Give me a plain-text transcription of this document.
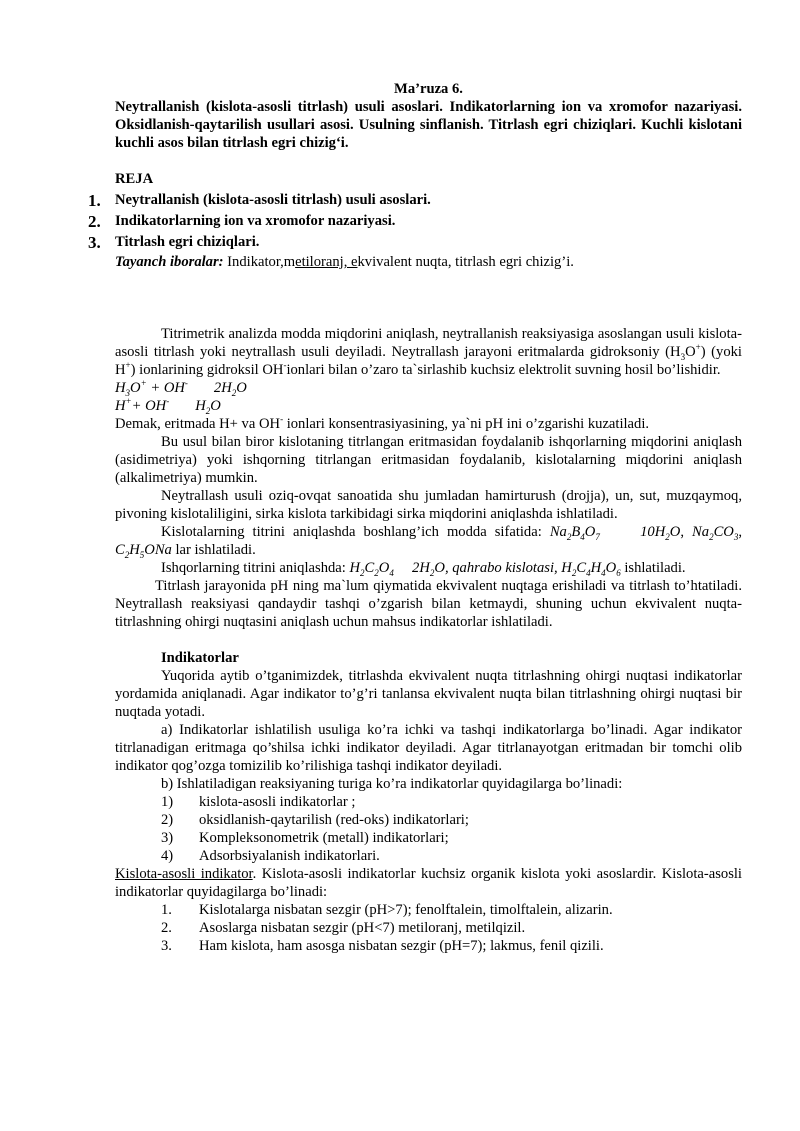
Ma’ruza 6.

Neytrallanish (kislota-asosli titrlash) usuli asoslari. Indikatorlarning ion va xromofor nazariyasi. Oksidlanish-qaytarilish usullari asosi. Usulning sinflanish. Titrlash egri chiziqlari. Kuchli kislotani kuchli asos bilan titrlash egri chizig‘i.

REJA

1. Neytrallanish (kislota-asosli titrlash) usuli asoslari.
2. Indikatorlarning ion va xromofor nazariyasi.
3. Titrlash egri chiziqlari.

Tayanch iboralar: Indikator,metiloranj, ekvivalent nuqta, titrlash egri chizig’i.

Titrimetrik analizda modda miqdorini aniqlash, neytrallanish reaksiyasiga asoslangan usuli kislota-asosli titrlash yoki neytrallash usuli deyiladi. Neytrallash jarayoni eritmalarda gidroksoniy $(H_3O^+)$ (yoki H+) ionlarining gidroksil OH-ionlari bilan o’zaro ta`sirlashib kuchsiz elektrolit suvning hosil bo’lishidir.

$H_3O^+ + OH^-$ $2H_2O$

H++ OH- $H_2O$

Demak, eritmada H+ va OH- ionlari konsentrasiyasining, ya`ni pH ini o’zgarishi kuzatiladi.

Bu usul bilan biror kislotaning titrlangan eritmasidan foydalanib ishqorlarning miqdorini aniqlash (asidimetriya) yoki ishqorning titrlangan eritmasidan foydalanib, kislotalarning miqdorini aniqlash (alkalimetriya) mumkin.

Neytrallash usuli oziq-ovqat sanoatida shu jumladan hamirturush (drojja), un, sut, muzqaymoq, pivoning kislotaliligini, sirka kislota tarkibidagi sirka miqdorini aniqlashda ishlatiladi.

Kislotalarning titrini aniqlashda boshlang’ich modda sifatida: $Na_2B_4O_7$     $10H_2O$, $Na_2CO_3$, $C_2H_5ONa$ lar ishlatiladi.

Ishqorlarning titrini aniqlashda: $H_2C_2O_4$     $2H_2O$, qahrabo kislotasi, $H_2C_4H_4O_6$ ishlatiladi.

Titrlash jarayonida pH ning ma`lum qiymatida ekvivalent nuqtaga erishiladi va titrlash to’htatiladi. Neytrallash reaksiyasi qandaydir tashqi o’zgarish bilan ketmaydi, shuning uchun ekvivalent nuqta- titrlashning ohirgi nuqtasini aniqlash uchun mahsus indikatorlar ishlatiladi.

Indikatorlar

Yuqorida aytib o’tganimizdek, titrlashda ekvivalent nuqta titrlashning ohirgi nuqtasi indikatorlar yordamida aniqlanadi. Agar indikator to’g’ri tanlansa ekvivalent nuqta bilan titrlashning ohirgi nuqtasi bir nuqtada yotadi.

a) Indikatorlar ishlatilish usuliga ko’ra ichki va tashqi indikatorlarga bo’linadi. Agar indikator titrlanadigan eritmaga qo’shilsa ichki indikator deyiladi. Agar titrlanayotgan eritmadan bir tomchi olib indikator qog’ozga tomizilib ko’rilishiga tashqi indikator deyiladi.

b) Ishlatiladigan reaksiyaning turiga ko’ra indikatorlar quyidagilarga bo’linadi:

1) kislota-asosli indikatorlar ;
2) oksidlanish-qaytarilish (red-oks) indikatorlari;
3) Kompleksonometrik (metall) indikatorlari;
4) Adsorbsiyalanish indikatorlari.

Kislota-asosli indikator. Kislota-asosli indikatorlar kuchsiz organik kislota yoki asoslardir. Kislota-asosli indikatorlar quyidagilarga bo’linadi:

1. Kislotalarga nisbatan sezgir (pH>7); fenolftalein, timolftalein, alizarin.
2. Asoslarga nisbatan sezgir (pH<7) metiloranj, metilqizil.
3. Ham kislota, ham asosga nisbatan sezgir (pH=7); lakmus, fenil qizili.
